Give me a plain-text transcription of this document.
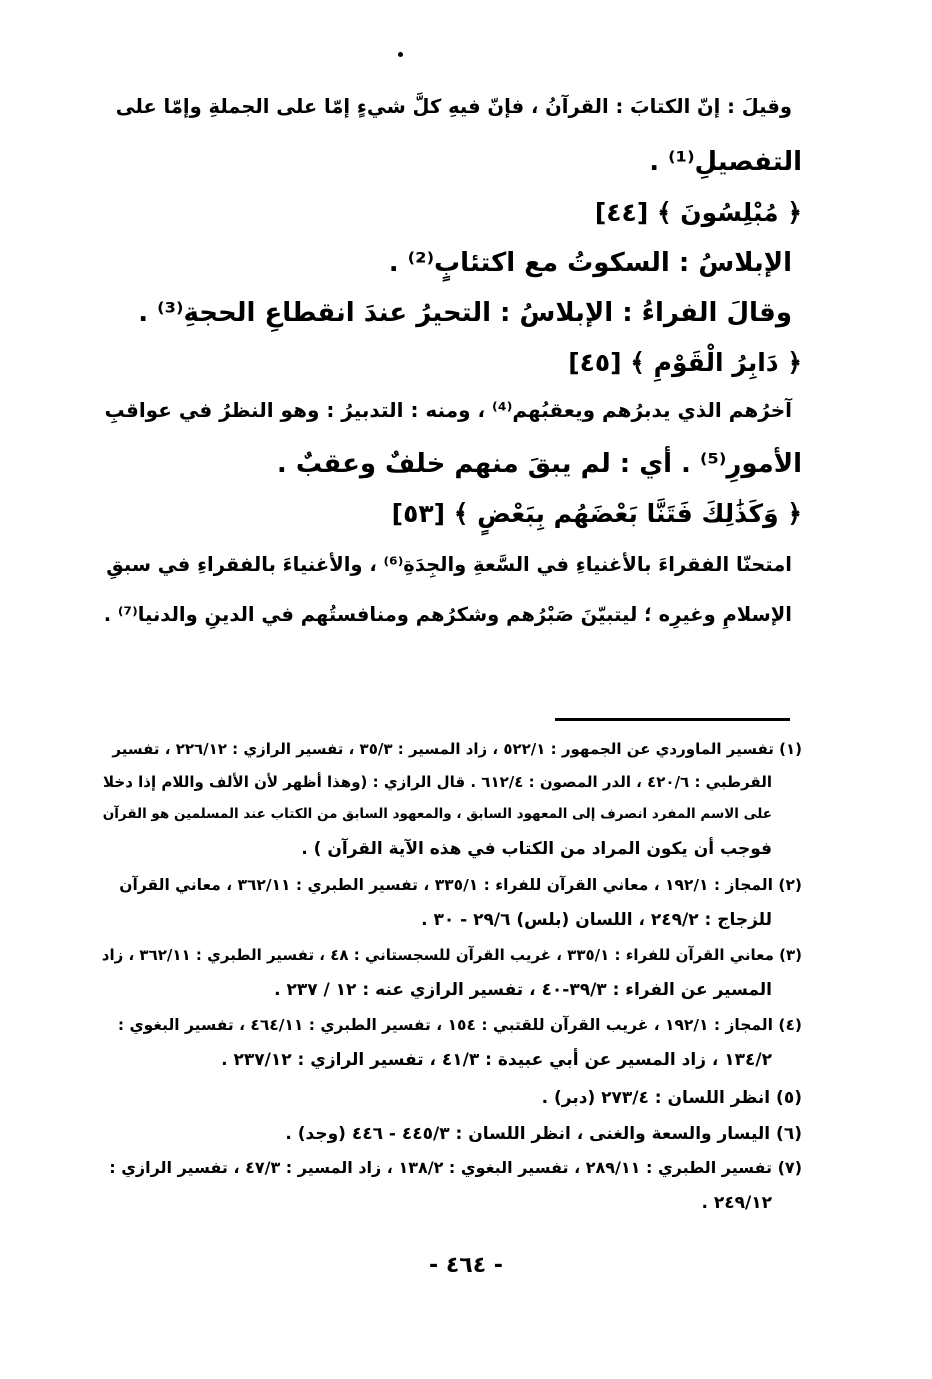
وقيلَ : إنّ الكتابَ : القرآنُ ، فإنّ فيهِ كلَّ شيءٍ إمّا على الجملةِ وإمّا على
التفصيلِ⁽¹⁾ .
﴿ مُبْلِسُونَ ﴾ [٤٤]
الإبلاسُ : السكوتُ مع اكتئابٍ⁽²⁾ .
وقالَ الفراءُ : الإبلاسُ : التحيرُ عندَ انقطاعِ الحجةِ⁽³⁾ .
﴿ دَابِرُ الْقَوْمِ ﴾ [٤٥]
آخرُهم الذي يدبرُهم ويعقبُهم⁽⁴⁾ ، ومنه : التدبيرُ : وهو النظرُ في عواقبِ
الأمورِ⁽⁵⁾ . أي : لم يبقَ منهم خلفٌ وعقبٌ .
﴿ وَكَذَٰلِكَ فَتَنَّا بَعْضَهُم بِبَعْضٍ ﴾ [٥٣]
امتحنّا الفقراءَ بالأغنياءِ في السَّعةِ والجِدَةِ⁽⁶⁾ ، والأغنياءَ بالفقراءِ في سبقِ
الإسلامِ وغيرِه ؛ ليتبيّنَ صَبْرُهم وشكرُهم ومنافستُهم في الدينِ والدنيا⁽⁷⁾ .
(١) تفسير الماوردي عن الجمهور : ٥٢٢/١ ، زاد المسير : ٣٥/٣ ، تفسير الرازي : ٢٢٦/١٢ ، تفسير
القرطبي : ٤٢٠/٦ ، الدر المصون : ٦١٢/٤ . قال الرازي : (وهذا أظهر لأن الألف واللام إذا دخلا
على الاسم المفرد انصرف إلى المعهود السابق ، والمعهود السابق من الكتاب عند المسلمين هو القرآن
فوجب أن يكون المراد من الكتاب في هذه الآية القرآن ) .
(٢) المجاز : ١٩٢/١ ، معاني القرآن للفراء : ٣٣٥/١ ، تفسير الطبري : ٣٦٢/١١ ، معاني القرآن
للزجاج : ٢٤٩/٢ ، اللسان (بلس) ٢٩/٦ - ٣٠ .
(٣) معاني القرآن للفراء : ٣٣٥/١ ، غريب القرآن للسجستاني : ٤٨ ، تفسير الطبري : ٣٦٢/١١ ، زاد
المسير عن الفراء : ٣٩/٣-٤٠ ، تفسير الرازي عنه : ١٢ / ٢٣٧ .
(٤) المجاز : ١٩٢/١ ، غريب القرآن للقتبي : ١٥٤ ، تفسير الطبري : ٤٦٤/١١ ، تفسير البغوي :
١٣٤/٢ ، زاد المسير عن أبي عبيدة : ٤١/٣ ، تفسير الرازي : ٢٣٧/١٢ .
(٥) انظر اللسان : ٢٧٣/٤ (دبر) .
(٦) اليسار والسعة والغنى ، انظر اللسان : ٤٤٥/٣ - ٤٤٦ (وجد) .
(٧) تفسير الطبري : ٢٨٩/١١ ، تفسير البغوي : ١٣٨/٢ ، زاد المسير : ٤٧/٣ ، تفسير الرازي :
٢٤٩/١٢ .
- ٤٦٤ -
